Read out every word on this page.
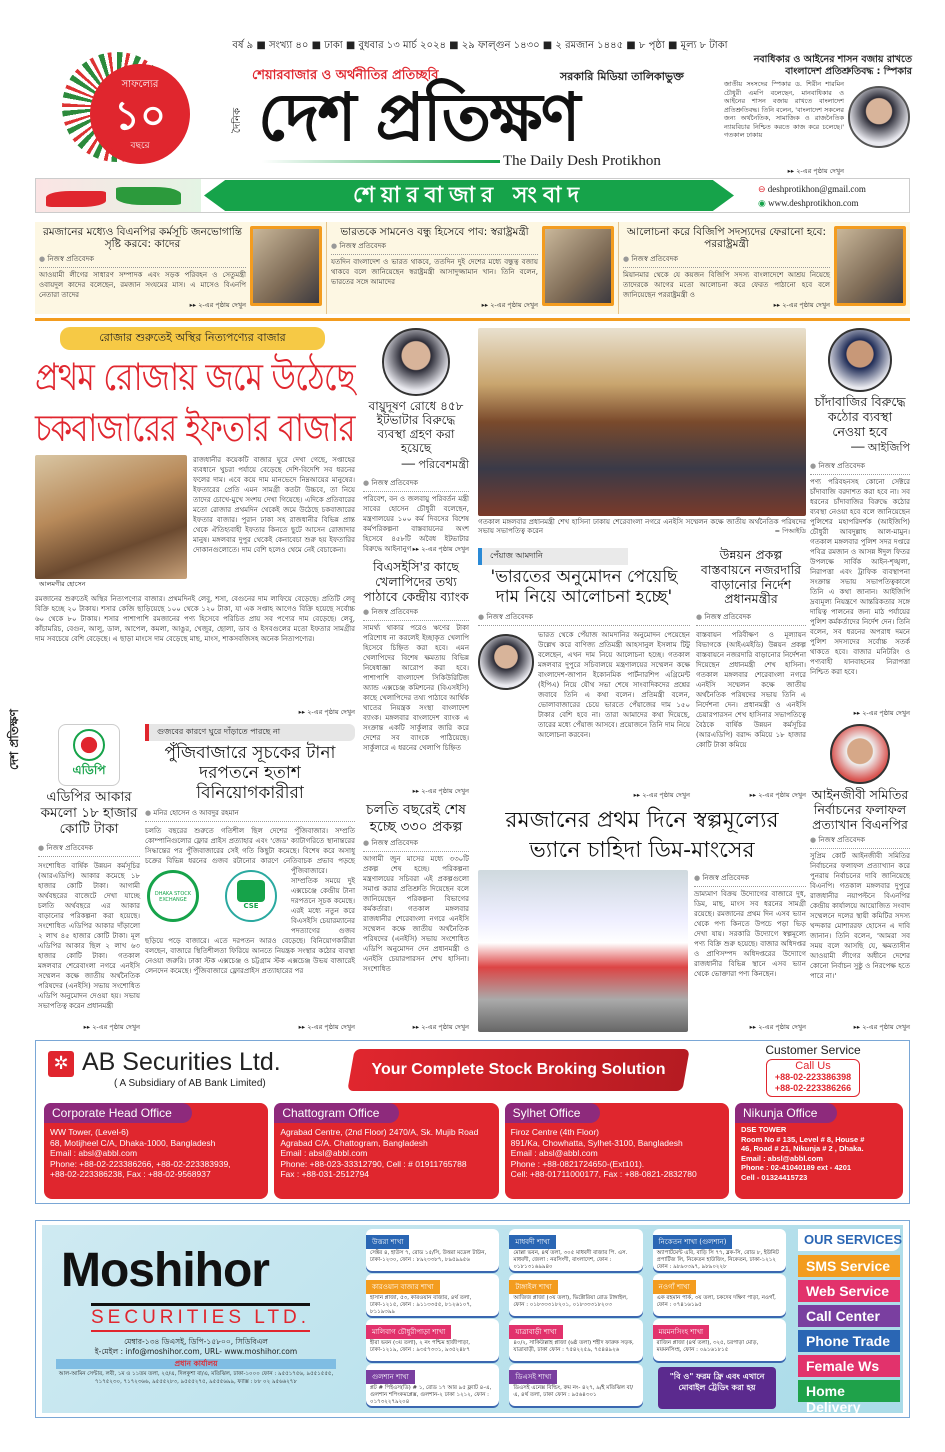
বর্ষ ৯ ■ সংখ্যা ৪০ ■ ঢাকা ■ বুধবার ১৩ মার্চ ২০২৪ ■ ২৯ ফাল্গুন ১৪৩০ ■ ২ রমজান ১৪৪৫ ■ ৮ পৃষ্ঠা ■ মূল্য ৮ টাকা
সাফল্যের
১০
বছরে
শেয়ারবাজার ও অর্থনীতির প্রতিচ্ছবি	সরকারি মিডিয়া তালিকাভুক্ত
দৈনিক দেশ প্রতিক্ষণ
The Daily Desh Protikhon
নবাধিকার ও আইনের শাসন বজায় রাখতে বাংলাদেশ প্রতিশ্রুতিবদ্ধ : স্পিকার
জাতীয় সংসদের স্পিকার ড. শিরীন শারমিন চৌধুরী এমপি বলেছেন, মানবাধিকার ও আইনের শাসন বজায় রাখতে বাংলাদেশ প্রতিশ্রুতিবদ্ধ। তিনি বলেন, 'বাংলাদেশ সকলের জন্য অর্থনৈতিক, সামাজিক ও রাজনৈতিক ন্যায়বিচার নিশ্চিত করতে কাজ করে চলেছে।' গতকাল ঢাকায়
▸▸ ২-এর পৃষ্ঠায় দেখুন
শেয়ারবাজার সংবাদ	⊖ deshprotikhon@gmail.com
◉ www.deshprotikhon.com
রমজানের মধ্যেও বিএনপির কর্মসূচি জনভোগান্তি সৃষ্টি করবে: কাদের
● নিজস্ব প্রতিবেদক
আওয়ামী লীগের সাধারণ সম্পাদক এবং সড়ক পরিবহন ও সেতুমন্ত্রী ওবায়দুল কাদের বলেছেন, রমজান সংযমের মাস। এ মাসেও বিএনপি নেতারা তাদের
▸▸ ২-এর পৃষ্ঠায় দেখুন
ভারতকে সামনেও বন্ধু হিসেবে পাব: স্বরাষ্ট্রমন্ত্রী
● নিজস্ব প্রতিবেদক
যতদিন বাংলাদেশ ও ভারত থাকবে, ততদিন দুই দেশের মধ্যে বন্ধুত্ব বজায় থাকবে বলে জানিয়েছেন স্বরাষ্ট্রমন্ত্রী আসাদুজ্জামান খান। তিনি বলেন, ভারতের সঙ্গে আমাদের
▸▸ ২-এর পৃষ্ঠায় দেখুন
আলোচনা করে বিজিপি সদস্যদের ফেরানো হবে: পররাষ্ট্রমন্ত্রী
● নিজস্ব প্রতিবেদক
মিয়ানমার থেকে যে কয়জন বিজিপি সদস্য বাংলাদেশে আশ্রয় নিয়েছে তাদেরকে আগের মতো আলোচনা করে ফেরত পাঠানো হবে বলে জানিয়েছেন পররাষ্ট্রমন্ত্রী ও
▸▸ ২-এর পৃষ্ঠায় দেখুন
রোজার শুরুতেই অস্থির নিত্যপণ্যের বাজার
প্রথম রোজায় জমে উঠেছে
চকবাজারের ইফতার বাজার
আলমগীর হোসেন
রাজধানীর কয়েকটি বাজার ঘুরে দেখা গেছে, সপ্তাহের ব্যবধানে খুচরা পর্যায়ে বেড়েছে দেশি-বিদেশি সব ধরনের ফলের দাম। এবে কয়ে দাম মানভেদে নিম্নআয়ের মানুষের। ইফতারের প্রেতি এমন সামগ্রী কতটা উচ্চবে, তা নিয়ে তাদের চোখে-মুখে সংশয় দেখা গিয়েছে। এদিকে প্রতিবারের মতো রোজার প্রথমদিন থেকেই জমে উঠেছে চকবাজারের ইফতার বাজার। পুরান ঢাকা সহ রাজধানীর বিভিন্ন প্রান্ত থেকে ঐতিহ্যবাহী ইফতার কিনতে ছুটে আসেন রোজাদার মানুষ। মঙ্গলবার দুপুর থেকেই কেনাবেচা শুরু হয় ইফতারির দোকানগুলোতে। দাম বেশি হলেও থেমে নেই বেচাকেনা।
রমজানের শুরুতেই অস্থির নিত্যপণ্যের বাজার। প্রথমদিনই লেবু, শসা, বেগুনের দাম লাফিয়ে বেড়েছে। প্রতিটি লেবু বিক্রি হচ্ছে ২০ টাকায়। শসার কেজি ছাড়িয়েছে ১০০ থেকে ১২০ টাকা, যা এক সপ্তাহ আগেও বিক্রি হয়েছে সর্বোচ্চ ৬০ থেকে ৮০ টাকায়। শসার পাশাপাশি রমজানের পণ্য হিসেবে পরিচিত প্রায় সব পণ্যের দাম বেড়েছে। লেবু, কাঁচামরিচ, বেগুন, আলু, ডাল, আপেল, কমলা, আঙুর, খেজুর, ছোলা, ডাব ও ইসবগুলের মতো ইফতার সামগ্রীর দাম সবচেয়ে বেশি বেড়েছে। এ ছাড়া মাংসে দাম বেড়েছে মাছ, মাংস, শাকসবজিসহ অনেক নিত্যপণ্যের।
▸▸ ২-এর পৃষ্ঠায় দেখুন
বায়ুদূষণ রোধে ৪৫৮ ইটভাটার বিরুদ্ধে ব্যবস্থা গ্রহণ করা হয়েছে
── পরিবেশমন্ত্রী
● নিজস্ব প্রতিবেদক
পরিবেশ, বন ও জলবায়ু পরিবর্তন মন্ত্রী সাবের হোসেন চৌধুরী বলেছেন, মন্ত্রণালয়ের ১০০ কর্ম দিবসের বিশেষ কর্মপরিকল্পনা বাস্তবায়নের অংশ হিসেবে ৪৫৮টি অবৈধ ইটভাটার বিরুদ্ধে আইনানুগ	▸▸ ২-এর পৃষ্ঠায় দেখুন
বিএসইসি'র কাছে খেলাপিদের তথ্য পাঠাবে কেন্দ্রীয় ব্যাংক
● নিজস্ব প্রতিবেদক
সামর্থ্য থাকার পরেও ঋণের টাকা পরিশোধ না করলেই ইচ্ছাকৃত খেলাপি হিসেবে চিহ্নিত করা হবে। এমন খেলাপিদের বিশেষ ক্ষমতায় বিভিন্ন নিষেধাজ্ঞা আরোপ করা হবে। পাশাপাশি বাংলাদেশ সিকিউরিটিজ অ্যান্ড এক্সচেঞ্জ কমিশনের (বিএসইসি) কাছে খেলাপিদের তথ্য পাঠাবে আর্থিক খাতের নিয়ন্ত্রক সংস্থা বাংলাদেশ ব্যাংক। মঙ্গলবার বাংলাদেশ ব্যাংক এ সংক্রান্ত একটি সার্কুলার জারি করে দেশের সব ব্যাংকে পাঠিয়েছে। সার্কুলারে এ ধরনের খেলাপি চিহ্নিত
▸▸ ২-এর পৃষ্ঠায় দেখুন
চলতি বছরেই শেষ হচ্ছে ৩৩০ প্রকল্প
● নিজস্ব প্রতিবেদক
আগামী জুন মাসের মধ্যে ৩৩০টি প্রকল্প শেষ হচ্ছে। পরিকল্পনা মন্ত্রণালয়ের সচিবরা এই প্রকল্পগুলো সমাপ্ত করার প্রতিশ্রুতি দিয়েছেন বলে জানিয়েছেন পরিকল্পনা বিভাগের কর্মকর্তারা। গতকাল মঙ্গলবার রাজধানীর শেরেবাংলা নগরে এনইসি সম্মেলন কক্ষে জাতীয় অর্থনৈতিক পরিষদের (এনইসি) সভায় সংশোধিত এডিপি অনুমোদন দেন প্রধানমন্ত্রী ও এনইসি চেয়ারপারসন শেখ হাসিনা। সংশোধিত
▸▸ ২-এর পৃষ্ঠায় দেখুন
গতকাল মঙ্গলবার প্রধানমন্ত্রী শেখ হাসিনা ঢাকায় শেরেবাংলা নগরে এনইসি সম্মেলন কক্ষে জাতীয় অর্থনৈতিক পরিষদের সভায় সভাপতিত্ব করেন	= পিআইডি
চাঁদাবাজির বিরুদ্ধে কঠোর ব্যবস্থা নেওয়া হবে
── আইজিপি
● নিজস্ব প্রতিবেদক
পণ্য পরিবহনসহ কোনো সেক্টরে চাঁদাবাজি বরদাশত করা হবে না। সব ধরনের চাঁদাবাজির বিরুদ্ধে কঠোর ব্যবস্থা নেওয়া হবে বলে জানিয়েছেন পুলিশের মহাপরিদর্শক (আইজিপি) চৌধুরী আবদুল্লাহ আল-মামুন। গতকাল মঙ্গলবার পুলিশ সদর দপ্তরে পবিত্র রমজান ও আসন্ন ঈদুল ফিতর উপলক্ষে সার্বিক আইন-শৃঙ্খলা, নিরাপত্তা এবং ট্রাফিক ব্যবস্থাপনা সংক্রান্ত সভায় সভাপতিত্বকালে তিনি এ কথা জানান। আইজিপি দ্রব্যমূল্য নিয়ন্ত্রণে আন্তরিকতার সঙ্গে দায়িত্ব পালনের জন্য মাঠ পর্যায়ের পুলিশ কর্মকর্তাদের নির্দেশ দেন। তিনি বলেন, সব ধরনের অপরাধ দমনে পুলিশ সদস্যদের সর্বোচ্চ সতর্ক থাকতে হবে। বাজার মনিটরিং ও পণ্যবাহী যানবাহনের নিরাপত্তা নিশ্চিত করা হবে।
▸▸ ২-এর পৃষ্ঠায় দেখুন
আইনজীবী সমিতির নির্বাচনের ফলাফল প্রত্যাখান বিএনপির
● নিজস্ব প্রতিবেদক
সুপ্রিম কোর্ট আইনজীবী সমিতির নির্বাচনের ফলাফল প্রত্যাখ্যান করে পুনরায় নির্বাচনের দাবি জানিয়েছে বিএনপি। গতকাল মঙ্গলবার দুপুরে রাজধানীর নয়াপল্টনে বিএনপির কেন্দ্রীয় কার্যালয়ে আয়োজিত সংবাদ সম্মেলনে দলের স্থায়ী কমিটির সদস্য খন্দকার মোশাররফ হোসেন এ দাবি জানান। তিনি বলেন, 'আমরা সব সময় বলে আসছি যে, ক্ষমতাসীন আওয়ামী লীগের অধীনে দেশের কোনো নির্বাচন সুষ্ঠু ও নিরপেক্ষ হতে পারে না।'
▸▸ ২-এর পৃষ্ঠায় দেখুন
পেঁয়াজ আমদানি
'ভারতের অনুমোদন পেয়েছি দাম নিয়ে আলোচনা হচ্ছে'
● নিজস্ব প্রতিবেদক
ভারত থেকে পেঁয়াজ আমদানির অনুমোদন পেয়েছেন উল্লেখ করে বাণিজ্য প্রতিমন্ত্রী আহসানুল ইসলাম টিটু বলেছেন, এখন দাম নিয়ে আলোচনা হচ্ছে। গতকাল মঙ্গলবার দুপুরে সচিবালয়ে মন্ত্রণালয়ের সম্মেলন কক্ষে বাংলাদেশ-জাপান ইকোনমিক পার্টনারশিপ এগ্রিমেন্ট (ইপিএ) নিয়ে যৌথ সভা শেষে সাংবাদিকদের প্রশ্নের জবাবে তিনি এ কথা বলেন। প্রতিমন্ত্রী বলেন, ভোলাবাজারের চেয়ে ভারতে পেঁয়াজের দাম ১৫০ টাকার বেশি হবে না। তারা আমাদের কথা দিয়েছে, তারের মধ্যে পেঁয়াজ আসবে। প্রয়োজনে তিনি দাম নিয়ে আলোচনা করবেন।
▸▸ ২-এর পৃষ্ঠায় দেখুন
উন্নয়ন প্রকল্প বাস্তবায়নে নজরদারি বাড়ানোর নির্দেশ প্রধানমন্ত্রীর
● নিজস্ব প্রতিবেদক
বাস্তবায়ন পরিবীক্ষণ ও মূল্যায়ন বিভাগকে (আইএমইডি) উন্নয়ন প্রকল্প বাস্তবায়নে নজরদারি বাড়ানোর নির্দেশনা দিয়েছেন প্রধানমন্ত্রী শেখ হাসিনা। গতকাল মঙ্গলবার শেরেবাংলা নগরে এনইসি সম্মেলন কক্ষে জাতীয় অর্থনৈতিক পরিষদের সভায় তিনি এ নির্দেশনা দেন। প্রধানমন্ত্রী ও এনইসি চেয়ারপারসন শেখ হাসিনার সভাপতিত্বে বৈঠকে বার্ষিক উন্নয়ন কর্মসূচির (আরএডিপি) বরাদ্দ কমিয়ে ১৮ হাজার কোটি টাকা কমিয়ে
▸▸ ২-এর পৃষ্ঠায় দেখুন
দেশ প্রতিক্ষণ	এডিপি
এডিপির আকার কমলো ১৮ হাজার কোটি টাকা
● নিজস্ব প্রতিবেদক
সংশোধিত বার্ষিক উন্নয়ন কর্মসূচির (আরএডিপি) আকার কমেছে ১৮ হাজার কোটি টাকা। আগামী অর্থবছরের বাজেটে দেখা যাচ্ছে চলতি অর্থবছরে এর আকার বাড়ানোর পরিকল্পনা করা হয়েছে। সংশোধিত এডিপির আকার দাঁড়ালো ২ লাখ ৪৫ হাজার কোটি টাকা। মূল এডিপির আকার ছিল ২ লাখ ৬৩ হাজার কোটি টাকা। গতকাল মঙ্গলবার শেরেবাংলা নগরে এনইসি সম্মেলন কক্ষে জাতীয় অর্থনৈতিক পরিষদের (এনইসি) সভায় সংশোধিত এডিপি অনুমোদন দেওয়া হয়। সভায় সভাপতিত্ব করেন প্রধানমন্ত্রী
▸▸ ২-এর পৃষ্ঠায় দেখুন
গুজবের কারণে ঘুরে দাঁড়াতে পারছে না
পুঁজিবাজারে সূচকের টানা দরপতনে হতাশ বিনিয়োগকারীরা
● মনির হোসেন ও আবদুর রহমান
DHAKA STOCK EXCHANGE
CSE
চলতি বছরের শুরুতে গতিশীল ছিল দেশের পুঁজিবাজার। সম্প্রতি কোম্পানিগুলোর ফ্লোর প্রাইস প্রত্যাহার এবং 'জেড' ক্যাটাগরিতে স্থানান্তরের সিদ্ধান্তের পর পুঁজিবাজারের সেই গতি কিছুটা কমেছে। বিশেষ করে অসাধু চক্রের বিভিন্ন ধরনের গুজব রটানোর কারণে নেতিবাচক প্রভাব পড়ছে পুঁজিবাজারে। সাম্প্রতিক সময়ে দুই এক্সচেঞ্জে কেন্দ্রীয় টানা দরপতনে সূচক কমেছে। এরই মধ্যে নতুন করে বিএসইসি চেয়ারম্যানের পদত্যাগের গুজব ছড়িয়ে পড়ে বাজারে। এতে দরপতন আরও বেড়েছে। বিনিয়োগকারীরা বলছেন, বাজারে স্থিতিশীলতা ফিরিয়ে আনতে নিয়ন্ত্রক সংস্থার কঠোর ব্যবস্থা নেওয়া জরুরি। ঢাকা স্টক এক্সচেঞ্জ ও চট্টগ্রাম স্টক এক্সচেঞ্জ উভয় বাজারেই লেনদেন কমেছে। পুঁজিবাজারে ফ্লোরপ্রাইস প্রত্যাহারের পর
▸▸ ২-এর পৃষ্ঠায় দেখুন
রমজানের প্রথম দিনে স্বল্পমূল্যের ভ্যানে চাহিদা ডিম-মাংসের
● নিজস্ব প্রতিবেদক
ভ্রাম্যমাণ বিক্রয় উদ্যোগের বাজারে দুধ, ডিম, মাছ, মাংস সব ধরনের সামগ্রী রয়েছে। রমজানের প্রথম দিন এসব ভ্যান থেকে পণ্য কিনতে উপচে পড়া ভিড় দেখা যায়। সরকারি উদ্যোগে স্বল্পমূল্যে পণ্য বিক্রি শুরু হয়েছে। বাজার অধিদপ্তর ও প্রাণিসম্পদ অধিদপ্তরের উদ্যোগে রাজধানীর বিভিন্ন স্থানে এসব ভ্যান থেকে ভোক্তারা পণ্য কিনছেন।
▸▸ ২-এর পৃষ্ঠায় দেখুন
✲ AB Securities Ltd.
( A Subsidiary of AB Bank Limited)
Your Complete Stock Broking Solution
Customer Service
Call Us
+88-02-223386398
+88-02-223386266
Corporate Head Office

WW Tower, (Level-6)
68, Motijheel C/A, Dhaka-1000, Bangladesh
Email : absl@abbl.com
Phone: +88-02-223386266, +88-02-223383939,
+88-02-223386238, Fax : +88-02-9568937

Chattogram Office

Agrabad Centre, (2nd Floor) 2470/A, Sk. Mujib Road
Agrabad C/A. Chattogram, Bangladesh
Email : absl@abbl.com
Phone: +88-023-33312790, Cell : # 01911765788
Fax : +88-031-2512794

Sylhet Office

Firoz Centre (4th Floor)
891/Ka, Chowhatta, Sylhet-3100, Bangladesh
Email : absl@abbl.com
Phone : +88-0821724650-(Ext101).
Cell: +88-01711000177, Fax : +88-0821-2832780

Nikunja Office

DSE TOWER
Room No # 135, Level # 8, House #
46, Road # 21, Nikunja # 2 , Dhaka.
Email : absl@abbl.com
Phone : 02-41040189 ext - 4201
Cell - 01324415723

Moshihor
SECURITIES LTD.
মেম্বার-১৩৪ ডিএসই, ডিপি-১৫৮০০, সিডিবিএল
ই-মেইল : info@moshihor.com, URL- www.moshihor.com
প্রধান কার্যালয়
আল-আমিন সেন্টার, লবী, ১ম ও ১১তম তলা, ২৫/এ, দিলকুশা বা/এ, মতিঝিল, ঢাকা-১০০০ ফোন : ৯৫৫১৭৫৬, ৯৫৫১৫৫৫, ৭১৭৫২৩০, ৭১৭২৩৬৬, ৯৫৫৫২৮৩, ৯৫৫৫২৭৫, ৯৫৫৫৬৯৯, ফ্যাক্স : ৮৮ ০২ ৯৫৬৬২৭৮
উত্তরা শাখা

সেক্টর ৪, হাউস ৭, রোড ১৫/সি, উত্তরা মডেল টাউন, ঢাকা-১২৩০, ফোন : ৮৯২৩৩৮৭, ৮৯৫৯৯৫৬

কারওয়ান বাজার শাখা

হাসান প্লাজা, ৫৩, কারওয়ান বাজার, ৪র্থ তলা, ঢাকা-১২১৫, ফোন : ৯১১৩৩৫৫, ৮১২৬১০৭, ৮১১৯৩৯৯

মালিবাগ চৌধুরীপাড়া শাখা

হীরা ভবন (৩য় তলা), ২ নং পশ্চিম হাজীপাড়া, ঢাকা-১২১৯, ফোন : ৯৩৫৭৩৩১, ৯৩৫২৪৮৭

গুলশান শাখা

প্লট # পিইএস(ডি) # ১, রোড ১৭ আর ৯৫ ফ্ল্যাট ৪-এ, গুলশান শপিংকমপ্লেক্স, গুলশান-২ ঢাকা ১২১২, ফোন : ০১৭৩২২৭৯২০৪

মাধবদী শাখা

মোল্লা ভবন, ৪র্থ তলা, ৩০৫ মাধবদী বাজার পি. এস. মাধবদী, জেলা : নরসিংদী, বাংলাদেশ, ফোন : ০১৮১৩১৬৯৯৪০

টাঙ্গাইল শাখা

আজিজ প্লাজা (৩য় তলা), ভিক্টোরিয়া রোড টাঙ্গাইল, ফোন : ০১৮৩৩৩১৮২০১, ০১৮৩৩৩১৮২০৩

যাত্রাবাড়ী শাখা

৪০/২, সাকিউল্লাহ প্লাজা (৬ষ্ঠ তলা) শহীদ ফারুক সড়ক, যাত্রাবাড়ী, ঢাকা ফোন : ৭৫৪২২৫৯, ৭৫৪৪৯২৬

ডিএসই শাখা

ডিএসই এনেক্স বিল্ডিং, রুম নং- ৪২৭, ৯/ই মতিঝিল বা/এ, ৪র্থ তলা, ঢাকা ফোন : ৯৫৬৪৩০১

নিকেতন শাখা (গুলশান)

অ্যাপার্টমেন্ট এবি, বাড়ি সি ৭৭, ব্লক-সি, রোড ৮, ইউনিট প্রপার্টিজ লি, নিকেতন হাউজিং, নিকেতন, ঢাকা-১২১২ ফোন : ৯৮৯০৩৯৭, ৯৮৯০২২৮

নওগাঁ শাখা

এক রহমান পার্ক, ৩য় তলা, চকদেব দক্ষিণ পাড়া, নওগাঁ, ফোন : ০৭৪১৬১৯৫

ময়মনসিংহ শাখা

রাজিন প্লাজা (৪র্থ তলা), ৩২৫, চরপাড়া মোড়, ময়মনসিংহ, ফোন : ০৯১৬১৮১৫

"বি ও" ফরম ফ্রি এবং এখানে মোবাইল ট্রেডিং করা হয়
OUR SERVICES
SMS Service
Web Service
Call Center
Phone Trade
Female Ws
Home Delivery
